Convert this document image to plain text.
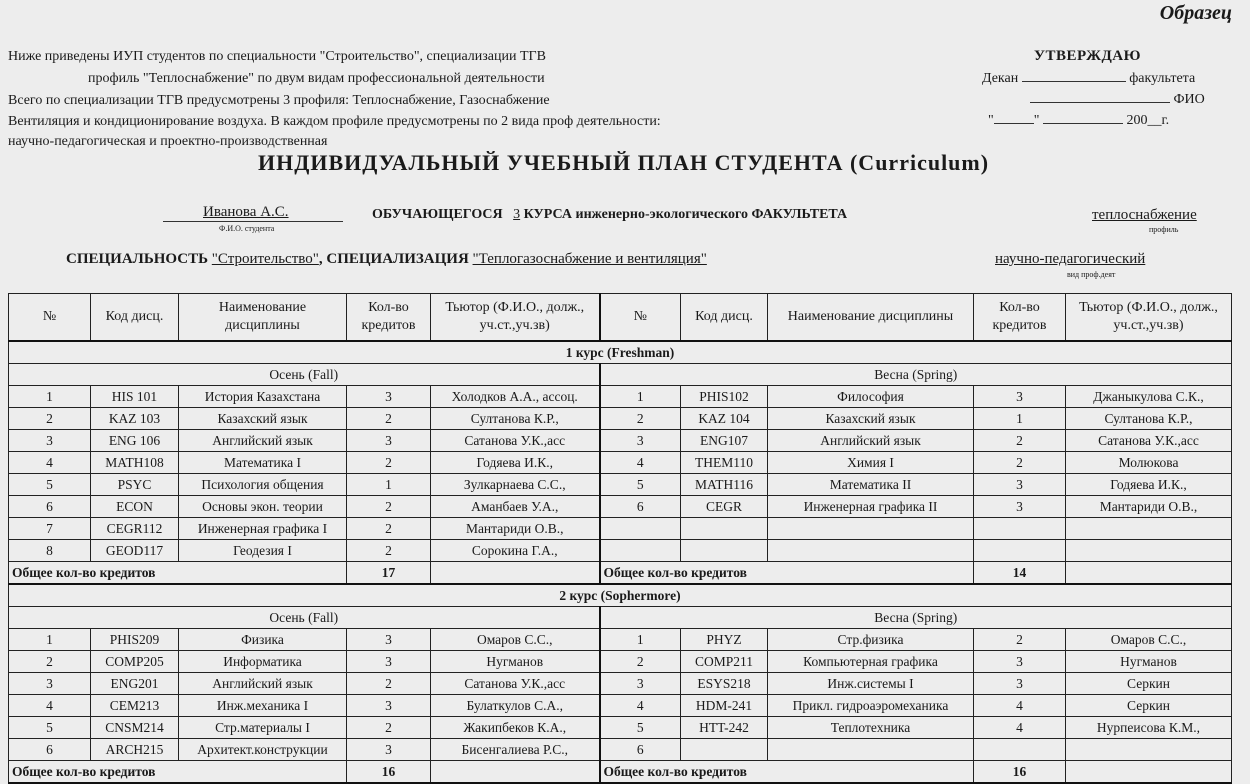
Образец
Ниже приведены ИУП студентов по специальности "Строительство", специализации ТГВ
профиль "Теплоснабжение" по двум видам профессиональной деятельности
Всего по специализации ТГВ предусмотрены 3 профиля: Теплоснабжение, Газоснабжение
Вентиляция и кондиционирование воздуха. В каждом профиле предусмотрены по 2 вида проф деятельности:
научно-педагогическая и проектно-производственная
УТВЕРЖДАЮ
Декан	факультета
ФИО
"	"	200__г.
ИНДИВИДУАЛЬНЫЙ УЧЕБНЫЙ ПЛАН СТУДЕНТА (Curriculum)
Иванова А.С.
Ф.И.О. студента
ОБУЧАЮЩЕГОСЯ 3 КУРСА инженерно-экологического ФАКУЛЬТЕТА	теплоснабжение
профиль
СПЕЦИАЛЬНОСТЬ "Строительство", СПЕЦИАЛИЗАЦИЯ "Теплогазоснабжение и вентиляция"	научно-педагогический
вид проф.деят
№	Код дисц.	Наименование дисциплины	Кол-во кредитов	Тьютор (Ф.И.О., долж., уч.ст.,уч.зв)	№	Код дисц.	Наименование дисциплины	Кол-во кредитов	Тьютор (Ф.И.О., долж., уч.ст.,уч.зв)
1 курс (Freshman)									
Осень (Fall)					Весна (Spring)				
1	HIS 101	История Казахстана	3	Холодков А.А., ассоц.	1	PHIS102	Философия	3	Джаныкулова С.К.,
2	KAZ 103	Казахский язык	2	Султанова К.Р.,	2	KAZ 104	Казахский язык	1	Султанова К.Р.,
3	ENG 106	Английский язык	3	Сатанова У.К.,асс	3	ENG107	Английский язык	2	Сатанова У.К.,асс
4	MATH108	Математика I	2	Годяева И.К.,	4	THEM110	Химия I	2	Молюкова
5	PSYC	Психология общения	1	Зулкарнаева С.С.,	5	MATH116	Математика II	3	Годяева И.К.,
6	ECON	Основы экон. теории	2	Аманбаев У.А.,	6	CEGR	Инженерная графика II	3	Мантариди О.В.,
7	CEGR112	Инженерная графика I	2	Мантариди О.В.,					
8	GEOD117	Геодезия I	2	Сорокина Г.А.,					
Общее кол-во кредитов			17		Общее кол-во кредитов			14	
2 курс (Sophermore)									
Осень (Fall)					Весна (Spring)				
1	PHIS209	Физика	3	Омаров С.С.,	1	PHYZ	Стр.физика	2	Омаров С.С.,
2	COMP205	Информатика	3	Нугманов	2	COMP211	Компьютерная графика	3	Нугманов
3	ENG201	Английский язык	2	Сатанова У.К.,асс	3	ESYS218	Инж.системы I	3	Серкин
4	CEM213	Инж.механика I	3	Булаткулов С.А.,	4	HDM-241	Прикл. гидроаэромеханика	4	Серкин
5	CNSM214	Стр.материалы I	2	Жакипбеков К.А.,	5	HTT-242	Теплотехника	4	Нурпеисова К.М.,
6	ARCH215	Архитект.конструкции	3	Бисенгалиева Р.С.,	6				
Общее кол-во кредитов			16		Общее кол-во кредитов			16	
